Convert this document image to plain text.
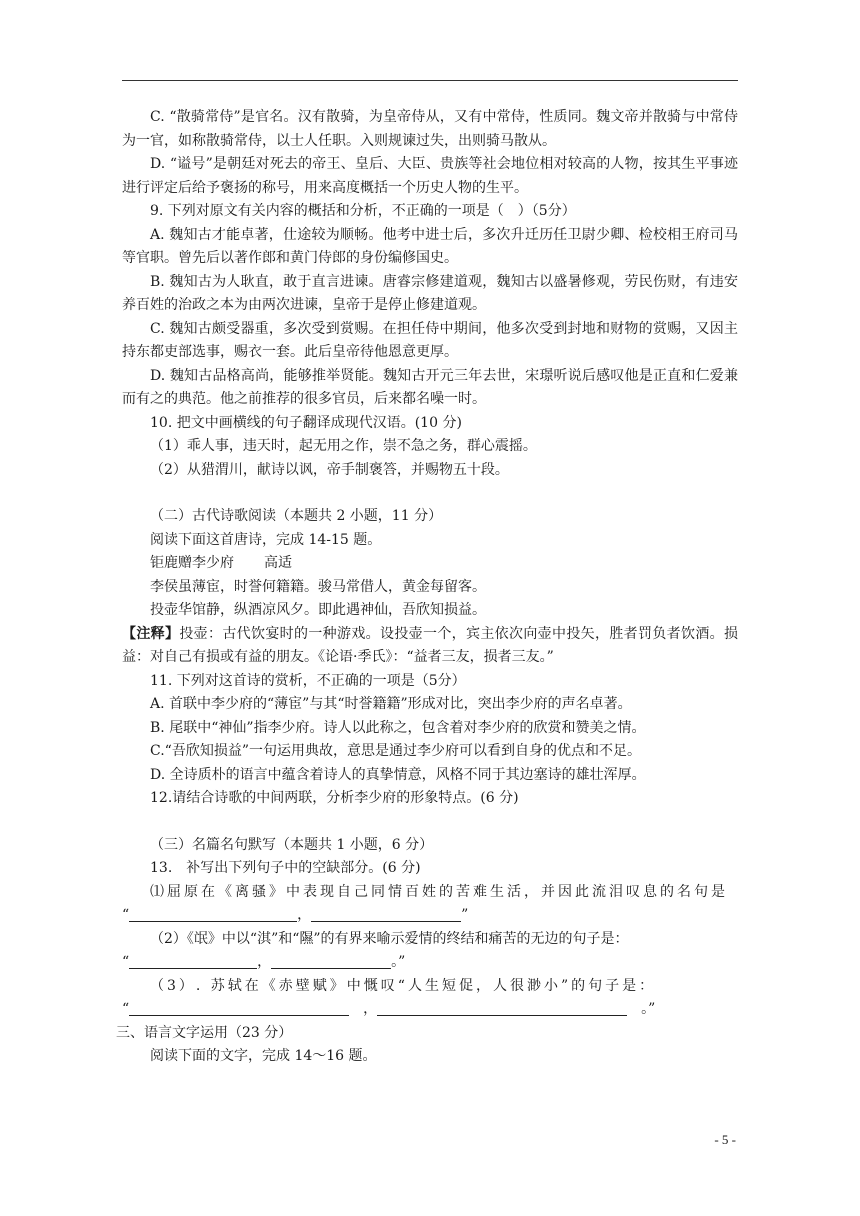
C. “散骑常侍”是官名。汉有散骑，为皇帝侍从，又有中常侍，性质同。魏文帝并散骑与中常侍为一官，如称散骑常侍，以士人任职。入则规谏过失，出则骑马散从。

D. “谥号”是朝廷对死去的帝王、皇后、大臣、贵族等社会地位相对较高的人物，按其生平事迹进行评定后给予褒扬的称号，用来高度概括一个历史人物的生平。

9. 下列对原文有关内容的概括和分析，不正确的一项是（　）（5分）

A. 魏知古才能卓著，仕途较为顺畅。他考中进士后，多次升迁历任卫尉少卿、检校相王府司马等官职。曾先后以著作郎和黄门侍郎的身份编修国史。

B. 魏知古为人耿直，敢于直言进谏。唐睿宗修建道观，魏知古以盛暑修观，劳民伤财，有违安养百姓的治政之本为由两次进谏，皇帝于是停止修建道观。

C. 魏知古颇受器重，多次受到赏赐。在担任侍中期间，他多次受到封地和财物的赏赐，又因主持东都吏部选事，赐衣一套。此后皇帝待他恩意更厚。

D. 魏知古品格高尚，能够推举贤能。魏知古开元三年去世，宋璟听说后感叹他是正直和仁爱兼而有之的典范。他之前推荐的很多官员，后来都名噪一时。

10. 把文中画横线的句子翻译成现代汉语。(10 分)

（1）乖人事，违天时，起无用之作，崇不急之务，群心震摇。

（2）从猎渭川，献诗以讽，帝手制褒答，并赐物五十段。

（二）古代诗歌阅读（本题共 2 小题，11 分）

阅读下面这首唐诗，完成 14-15 题。

钜鹿赠李少府 高适

李侯虽薄宦，时誉何籍籍。骏马常借人，黄金每留客。

投壶华馆静，纵酒凉风夕。即此遇神仙，吾欣知损益。

【注释】投壶：古代饮宴时的一种游戏。设投壶一个，宾主依次向壶中投矢，胜者罚负者饮酒。损益：对自己有损或有益的朋友。《论语·季氏》：“益者三友，损者三友。”

11. 下列对这首诗的赏析，不正确的一项是（5分）

A. 首联中李少府的“薄宦”与其“时誉籍籍”形成对比，突出李少府的声名卓著。

B. 尾联中“神仙”指李少府。诗人以此称之，包含着对李少府的欣赏和赞美之情。

C.“吾欣知损益”一句运用典故，意思是通过李少府可以看到自身的优点和不足。

D. 全诗质朴的语言中蕴含着诗人的真挚情意，风格不同于其边塞诗的雄壮浑厚。

12.请结合诗歌的中间两联，分析李少府的形象特点。(6 分)

（三）名篇名句默写（本题共 1 小题，6 分）

13.　补写出下列句子中的空缺部分。(6 分)

⑴屈原在《离骚》中表现自己同情百姓的苦难生活，并因此流泪叹息的名句是

“	，	”

（2）《氓》中以“淇”和“隰”的有界来喻示爱情的终结和痛苦的无边的句子是：

“	，	。”

（3）. 苏轼在《赤壁赋》中慨叹“人生短促，人很渺小”的句子是：

“	，	。”

三、语言文字运用（23 分）

阅读下面的文字，完成 14～16 题。

- 5 -
